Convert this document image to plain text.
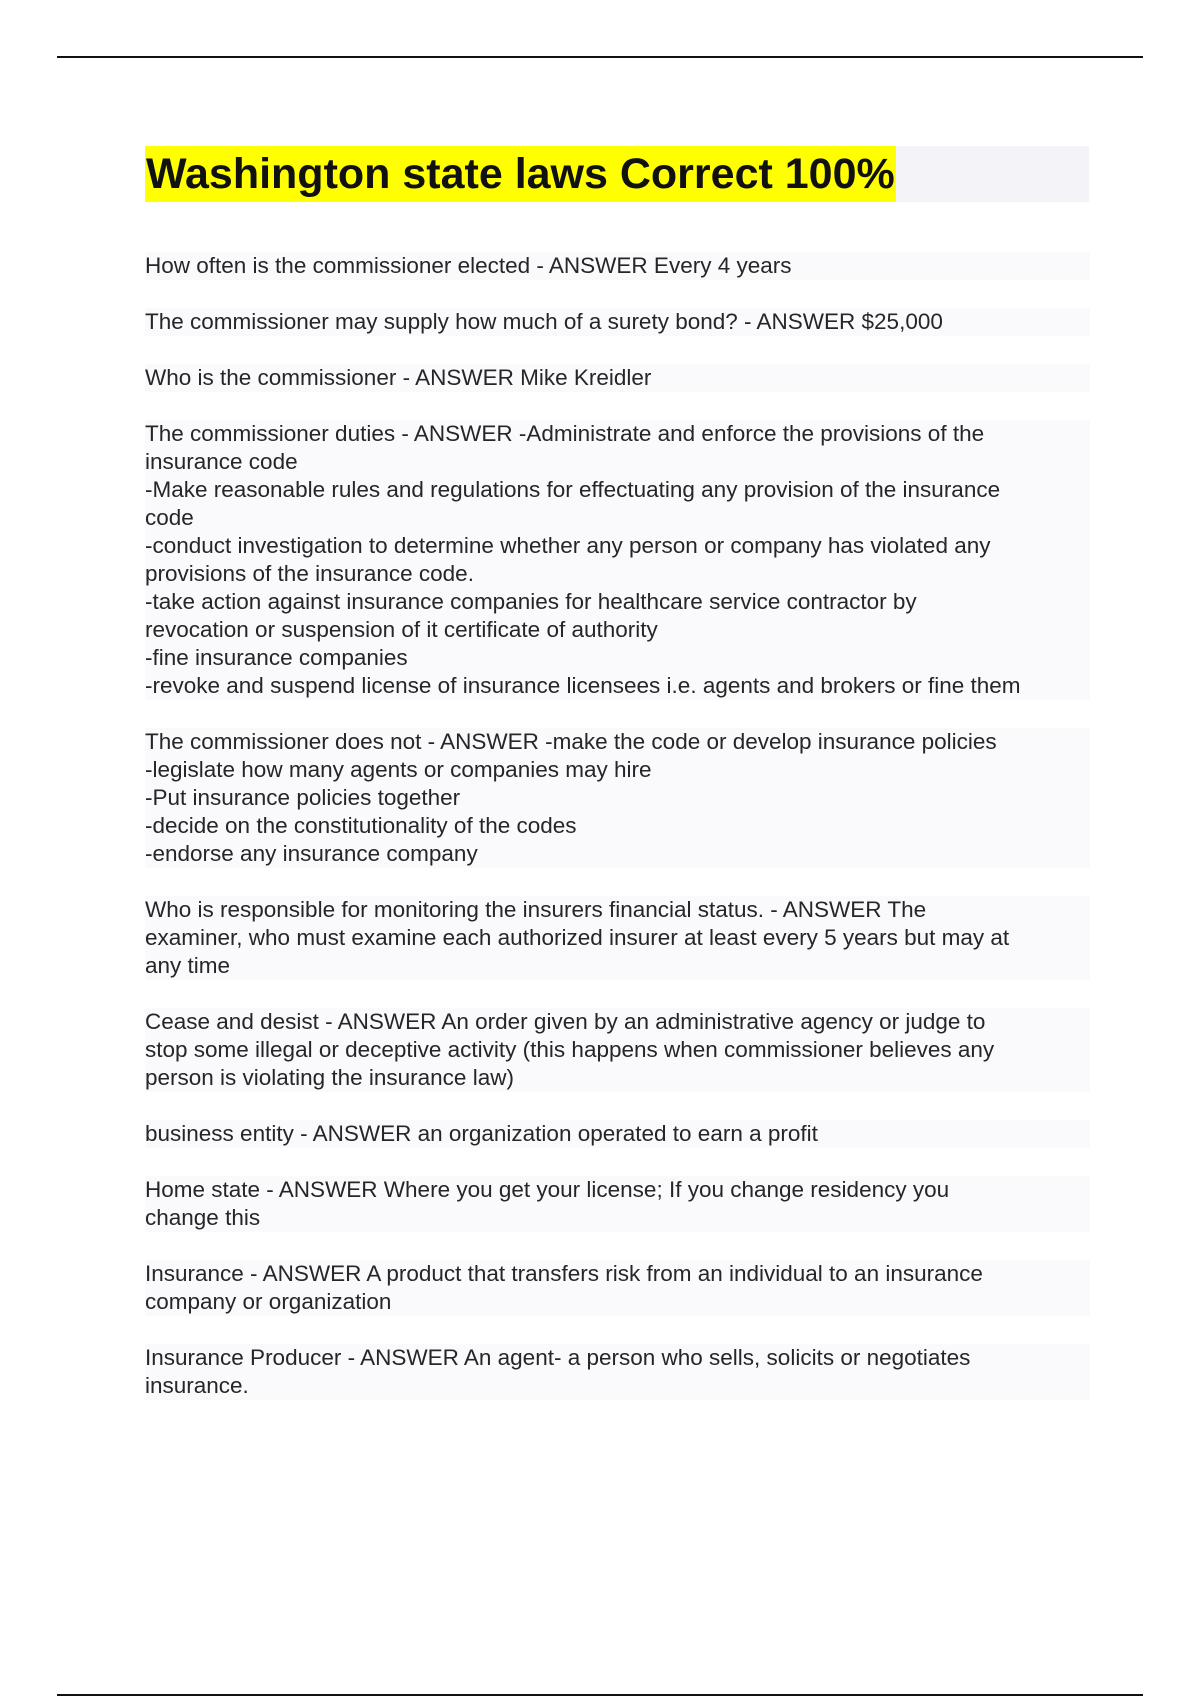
Washington state laws Correct 100%

How often is the commissioner elected - ANSWER Every 4 years

The commissioner may supply how much of a surety bond? - ANSWER $25,000

Who is the commissioner - ANSWER Mike Kreidler

The commissioner duties - ANSWER -Administrate and enforce the provisions of the
insurance code
-Make reasonable rules and regulations for effectuating any provision of the insurance
code
-conduct investigation to determine whether any person or company has violated any
provisions of the insurance code.
-take action against insurance companies for healthcare service contractor by
revocation or suspension of it certificate of authority
-fine insurance companies
-revoke and suspend license of insurance licensees i.e. agents and brokers or fine them

The commissioner does not - ANSWER -make the code or develop insurance policies
-legislate how many agents or companies may hire
-Put insurance policies together
-decide on the constitutionality of the codes
-endorse any insurance company

Who is responsible for monitoring the insurers financial status. - ANSWER The
examiner, who must examine each authorized insurer at least every 5 years but may at
any time

Cease and desist - ANSWER An order given by an administrative agency or judge to
stop some illegal or deceptive activity (this happens when commissioner believes any
person is violating the insurance law)

business entity - ANSWER an organization operated to earn a profit

Home state - ANSWER Where you get your license; If you change residency you
change this

Insurance - ANSWER A product that transfers risk from an individual to an insurance
company or organization

Insurance Producer - ANSWER An agent- a person who sells, solicits or negotiates
insurance.
